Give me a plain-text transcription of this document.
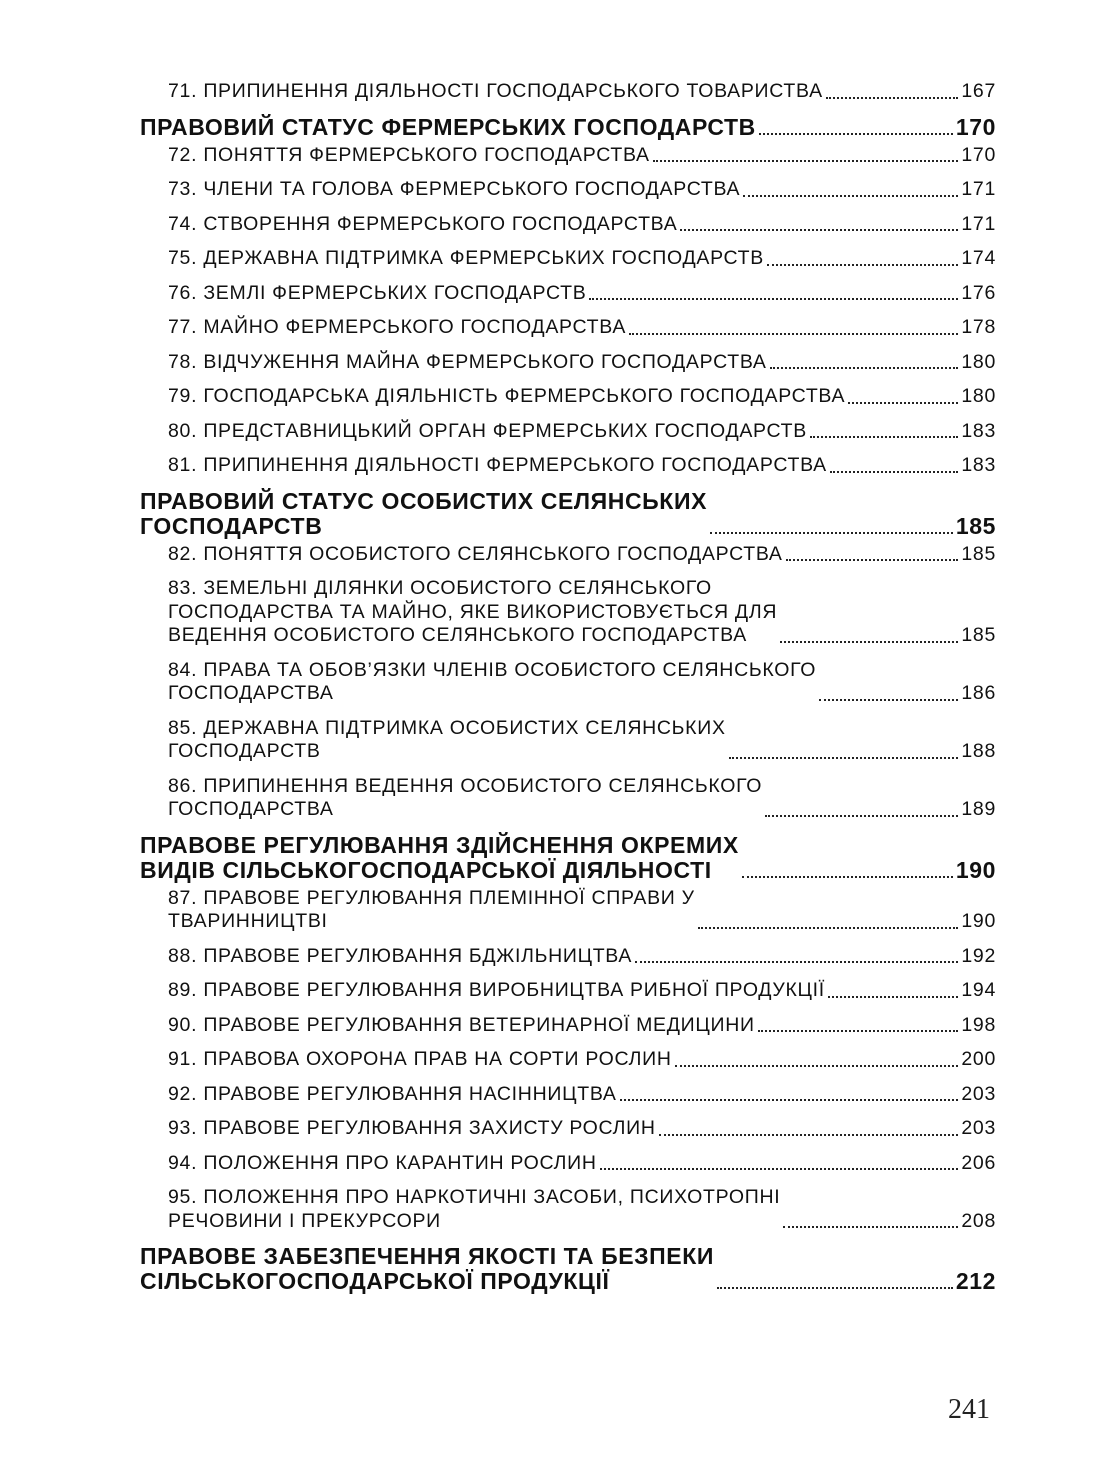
71. ПРИПИНЕННЯ ДІЯЛЬНОСТІ ГОСПОДАРСЬКОГО ТОВАРИСТВА	167
ПРАВОВИЙ СТАТУС ФЕРМЕРСЬКИХ ГОСПОДАРСТВ	170
72. ПОНЯТТЯ ФЕРМЕРСЬКОГО ГОСПОДАРСТВА	170
73. ЧЛЕНИ ТА ГОЛОВА ФЕРМЕРСЬКОГО ГОСПОДАРСТВА	171
74. СТВОРЕННЯ ФЕРМЕРСЬКОГО ГОСПОДАРСТВА	171
75. ДЕРЖАВНА ПІДТРИМКА ФЕРМЕРСЬКИХ ГОСПОДАРСТВ	174
76. ЗЕМЛІ ФЕРМЕРСЬКИХ ГОСПОДАРСТВ	176
77. МАЙНО ФЕРМЕРСЬКОГО ГОСПОДАРСТВА	178
78. ВІДЧУЖЕННЯ МАЙНА ФЕРМЕРСЬКОГО ГОСПОДАРСТВА	180
79. ГОСПОДАРСЬКА ДІЯЛЬНІСТЬ ФЕРМЕРСЬКОГО ГОСПОДАРСТВА	180
80. ПРЕДСТАВНИЦЬКИЙ ОРГАН ФЕРМЕРСЬКИХ ГОСПОДАРСТВ	183
81. ПРИПИНЕННЯ ДІЯЛЬНОСТІ ФЕРМЕРСЬКОГО ГОСПОДАРСТВА	183
ПРАВОВИЙ СТАТУС ОСОБИСТИХ СЕЛЯНСЬКИХ
ГОСПОДАРСТВ	185
82. ПОНЯТТЯ ОСОБИСТОГО СЕЛЯНСЬКОГО ГОСПОДАРСТВА	185
83. ЗЕМЕЛЬНІ ДІЛЯНКИ ОСОБИСТОГО СЕЛЯНСЬКОГО
ГОСПОДАРСТВА ТА МАЙНО, ЯКЕ ВИКОРИСТОВУЄТЬСЯ ДЛЯ
ВЕДЕННЯ ОСОБИСТОГО СЕЛЯНСЬКОГО ГОСПОДАРСТВА	185
84. ПРАВА ТА ОБОВ’ЯЗКИ ЧЛЕНІВ ОСОБИСТОГО СЕЛЯНСЬКОГО
ГОСПОДАРСТВА	186
85. ДЕРЖАВНА ПІДТРИМКА ОСОБИСТИХ СЕЛЯНСЬКИХ
ГОСПОДАРСТВ	188
86. ПРИПИНЕННЯ ВЕДЕННЯ ОСОБИСТОГО СЕЛЯНСЬКОГО
ГОСПОДАРСТВА	189
ПРАВОВЕ РЕГУЛЮВАННЯ ЗДІЙСНЕННЯ ОКРЕМИХ
ВИДІВ СІЛЬСЬКОГОСПОДАРСЬКОЇ ДІЯЛЬНОСТІ	190
87. ПРАВОВЕ РЕГУЛЮВАННЯ ПЛЕМІННОЇ СПРАВИ У
ТВАРИННИЦТВІ	190
88. ПРАВОВЕ РЕГУЛЮВАННЯ БДЖІЛЬНИЦТВА	192
89. ПРАВОВЕ РЕГУЛЮВАННЯ ВИРОБНИЦТВА РИБНОЇ ПРОДУКЦІЇ	194
90. ПРАВОВЕ РЕГУЛЮВАННЯ ВЕТЕРИНАРНОЇ МЕДИЦИНИ	198
91. ПРАВОВА ОХОРОНА ПРАВ НА СОРТИ РОСЛИН	200
92. ПРАВОВЕ РЕГУЛЮВАННЯ НАСІННИЦТВА	203
93. ПРАВОВЕ РЕГУЛЮВАННЯ ЗАХИСТУ РОСЛИН	203
94. ПОЛОЖЕННЯ ПРО КАРАНТИН РОСЛИН	206
95. ПОЛОЖЕННЯ ПРО НАРКОТИЧНІ ЗАСОБИ, ПСИХОТРОПНІ
РЕЧОВИНИ І ПРЕКУРСОРИ	208
ПРАВОВЕ ЗАБЕЗПЕЧЕННЯ ЯКОСТІ ТА БЕЗПЕКИ
СІЛЬСЬКОГОСПОДАРСЬКОЇ ПРОДУКЦІЇ	212
241
